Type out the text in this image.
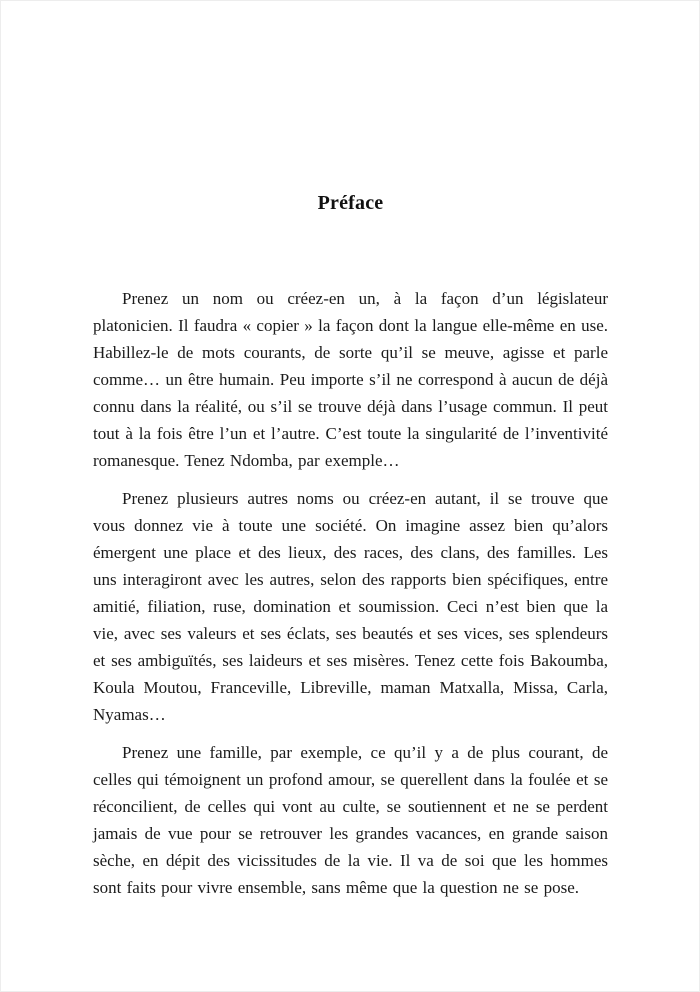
Préface

Prenez un nom ou créez-en un, à la façon d’un législateur platonicien. Il faudra « copier » la façon dont la langue elle-même en use. Habillez-le de mots courants, de sorte qu’il se meuve, agisse et parle comme… un être humain. Peu importe s’il ne correspond à aucun de déjà connu dans la réalité, ou s’il se trouve déjà dans l’usage commun. Il peut tout à la fois être l’un et l’autre. C’est toute la singularité de l’inventivité romanesque. Tenez Ndomba, par exemple…

Prenez plusieurs autres noms ou créez-en autant, il se trouve que vous donnez vie à toute une société. On imagine assez bien qu’alors émergent une place et des lieux, des races, des clans, des familles. Les uns interagiront avec les autres, selon des rapports bien spécifiques, entre amitié, filiation, ruse, domination et soumission. Ceci n’est bien que la vie, avec ses valeurs et ses éclats, ses beautés et ses vices, ses splendeurs et ses ambiguïtés, ses laideurs et ses misères. Tenez cette fois Bakoumba, Koula Moutou, Franceville, Libreville, maman Matxalla, Missa, Carla, Nyamas…

Prenez une famille, par exemple, ce qu’il y a de plus courant, de celles qui témoignent un profond amour, se querellent dans la foulée et se réconcilient, de celles qui vont au culte, se soutiennent et ne se perdent jamais de vue pour se retrouver les grandes vacances, en grande saison sèche, en dépit des vicissitudes de la vie. Il va de soi que les hommes sont faits pour vivre ensemble, sans même que la question ne se pose.
